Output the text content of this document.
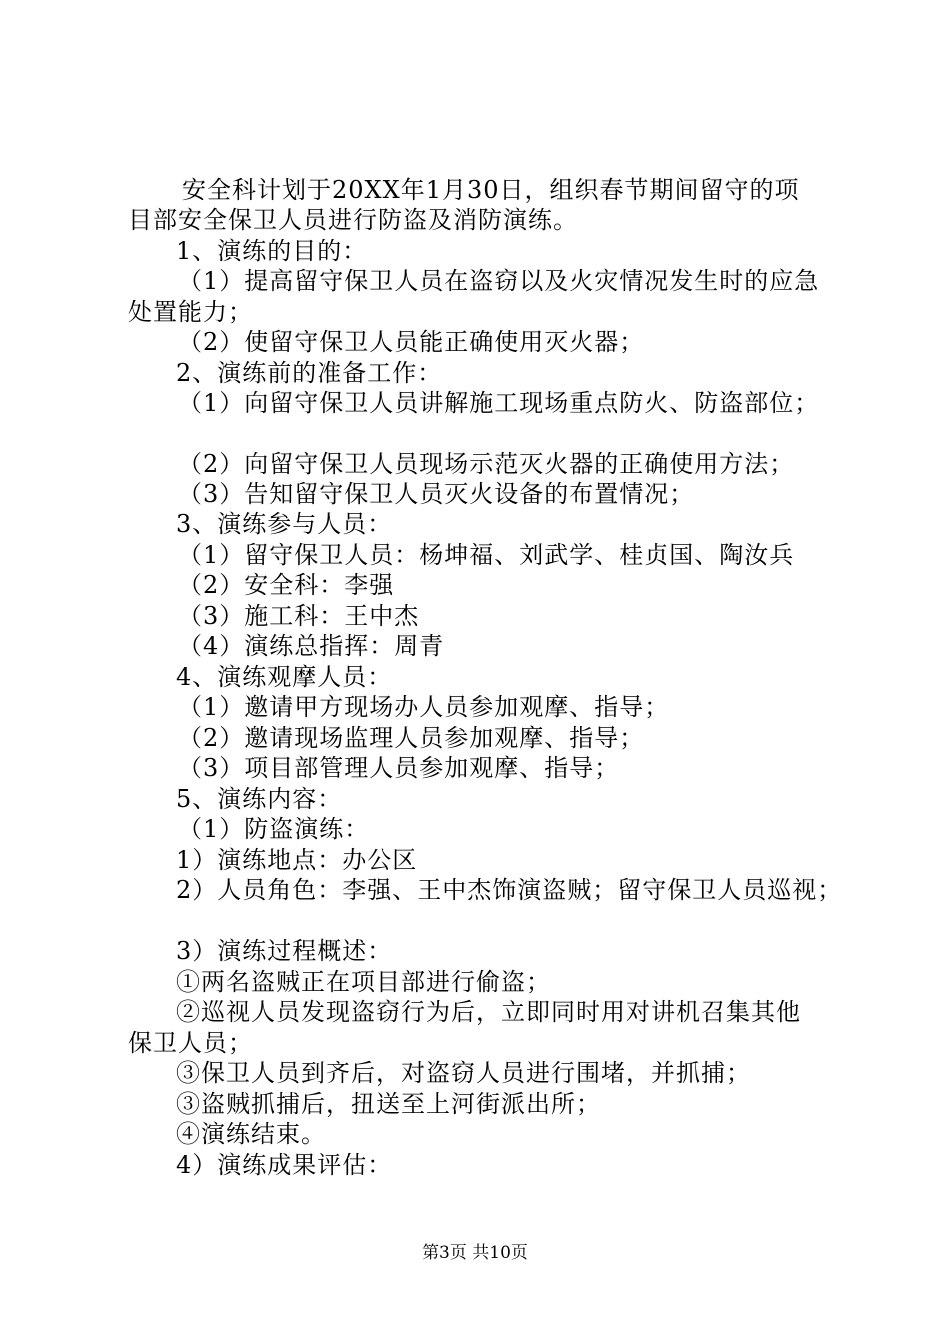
安全科计划于20XX年1月30日，组织春节期间留守的项
目部安全保卫人员进行防盗及消防演练。
1、演练的目的：
（1）提高留守保卫人员在盗窃以及火灾情况发生时的应急
处置能力；
（2）使留守保卫人员能正确使用灭火器；
2、演练前的准备工作：
（1）向留守保卫人员讲解施工现场重点防火、防盗部位；
（2）向留守保卫人员现场示范灭火器的正确使用方法；
（3）告知留守保卫人员灭火设备的布置情况；
3、演练参与人员：
（1）留守保卫人员：杨坤福、刘武学、桂贞国、陶汝兵
（2）安全科：李强
（3）施工科：王中杰
（4）演练总指挥：周青
4、演练观摩人员：
（1）邀请甲方现场办人员参加观摩、指导；
（2）邀请现场监理人员参加观摩、指导；
（3）项目部管理人员参加观摩、指导；
5、演练内容：
（1）防盗演练：
1）演练地点：办公区
2）人员角色：李强、王中杰饰演盗贼；留守保卫人员巡视；
3）演练过程概述：
①两名盗贼正在项目部进行偷盗；
②巡视人员发现盗窃行为后，立即同时用对讲机召集其他
保卫人员；
③保卫人员到齐后，对盗窃人员进行围堵，并抓捕；
③盗贼抓捕后，扭送至上河街派出所；
④演练结束。
4）演练成果评估：
第3页 共10页
